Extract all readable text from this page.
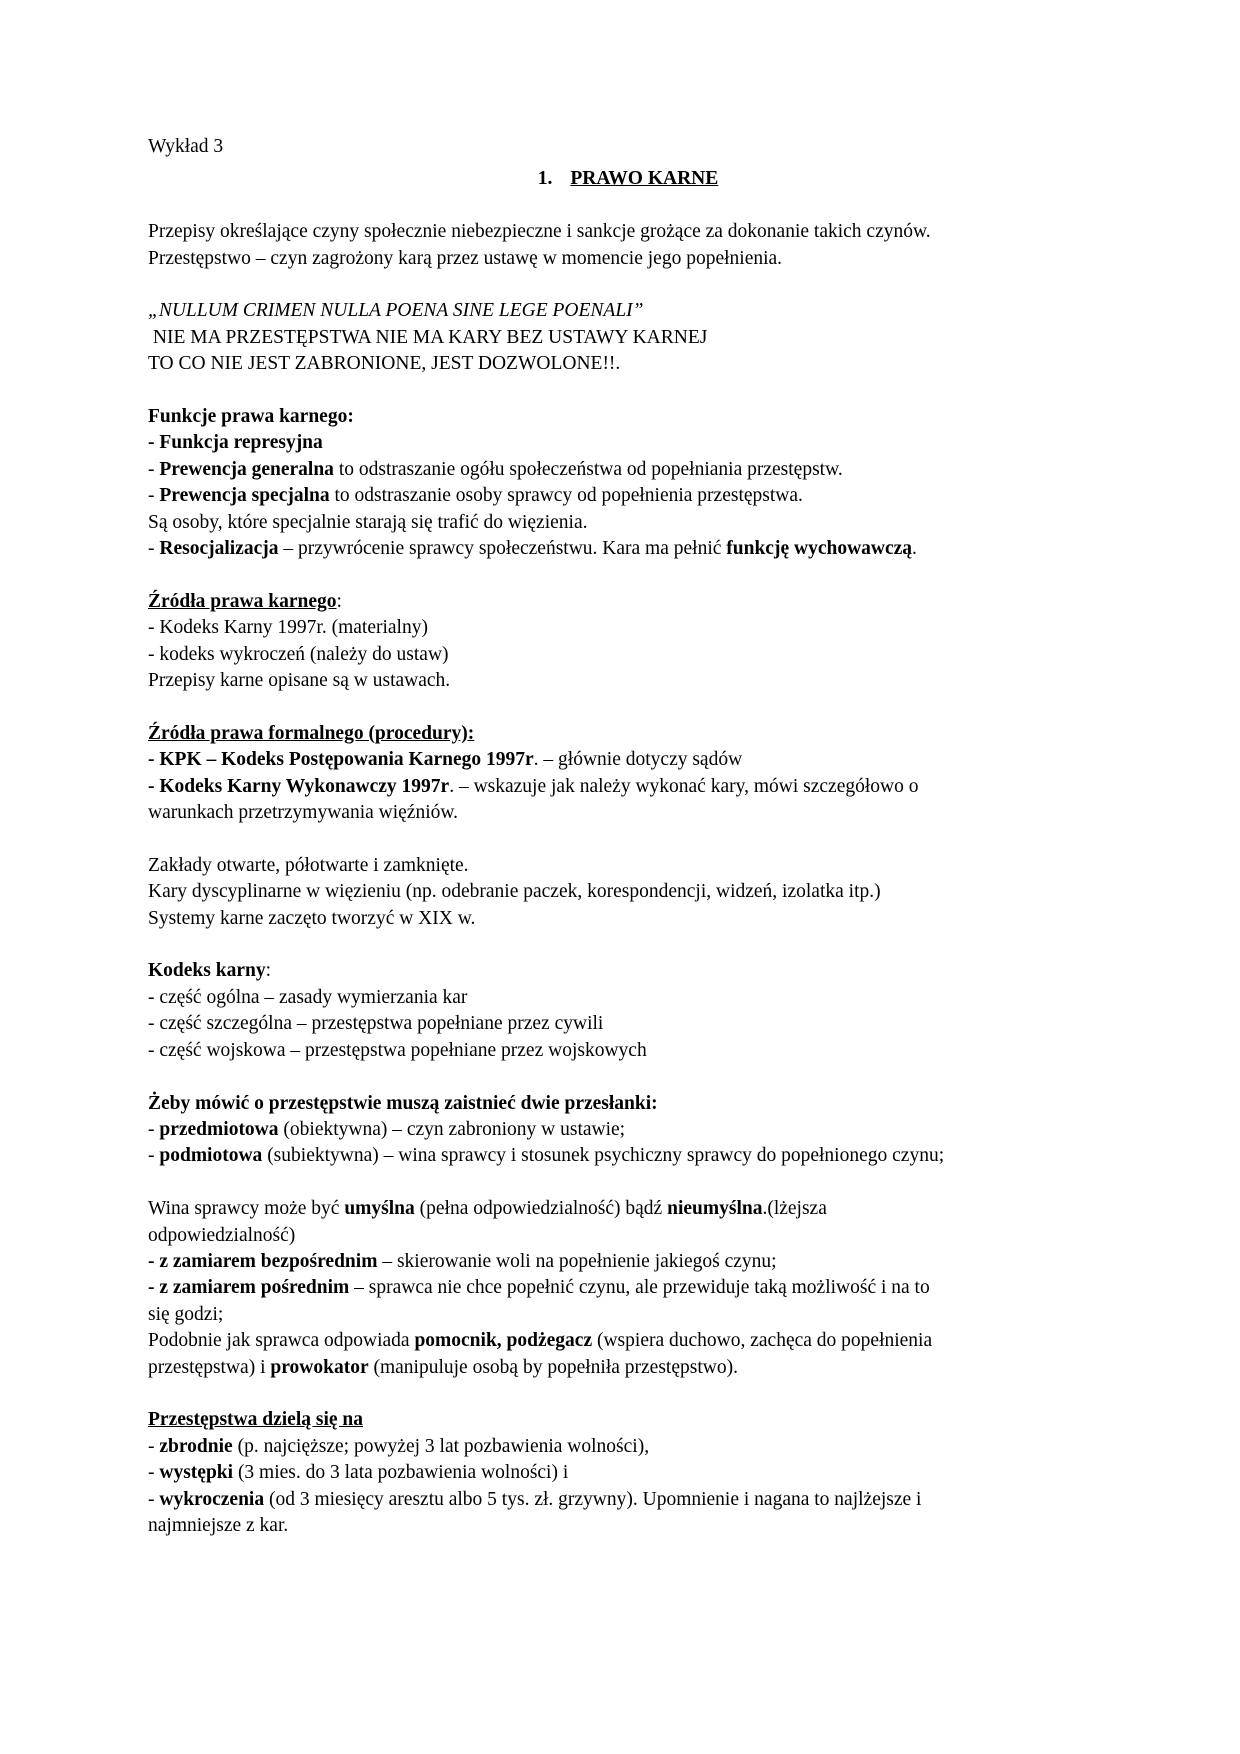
Wykład 3
1. PRAWO KARNE
Przepisy określające czyny społecznie niebezpieczne i sankcje grożące za dokonanie takich czynów.
Przestępstwo – czyn zagrożony karą przez ustawę w momencie jego popełnienia.
„NULLUM CRIMEN NULLA POENA SINE LEGE POENALI”
NIE MA PRZESTĘPSTWA NIE MA KARY BEZ USTAWY KARNEJ
TO CO NIE JEST ZABRONIONE, JEST DOZWOLONE!!.
Funkcje prawa karnego:
- Funkcja represyjna
- Prewencja generalna to odstraszanie ogółu społeczeństwa od popełniania przestępstw.
- Prewencja specjalna to odstraszanie osoby sprawcy od popełnienia przestępstwa.
Są osoby, które specjalnie starają się trafić do więzienia.
- Resocjalizacja – przywrócenie sprawcy społeczeństwu. Kara ma pełnić funkcję wychowawczą.
Źródła prawa karnego:
- Kodeks Karny 1997r. (materialny)
- kodeks wykroczeń (należy do ustaw)
Przepisy karne opisane są w ustawach.
Źródła prawa formalnego (procedury):
- KPK – Kodeks Postępowania Karnego 1997r. – głównie dotyczy sądów
- Kodeks Karny Wykonawczy 1997r. – wskazuje jak należy wykonać kary, mówi szczegółowo o
warunkach przetrzymywania więźniów.
Zakłady otwarte, półotwarte i zamknięte.
Kary dyscyplinarne w więzieniu (np. odebranie paczek, korespondencji, widzeń, izolatka itp.)
Systemy karne zaczęto tworzyć w XIX w.
Kodeks karny:
- część ogólna – zasady wymierzania kar
- część szczególna – przestępstwa popełniane przez cywili
- część wojskowa – przestępstwa popełniane przez wojskowych
Żeby mówić o przestępstwie muszą zaistnieć dwie przesłanki:
- przedmiotowa (obiektywna) – czyn zabroniony w ustawie;
- podmiotowa (subiektywna) – wina sprawcy i stosunek psychiczny sprawcy do popełnionego czynu;
Wina sprawcy może być umyślna (pełna odpowiedzialność) bądź nieumyślna.(lżejsza
odpowiedzialność)
- z zamiarem bezpośrednim – skierowanie woli na popełnienie jakiegoś czynu;
- z zamiarem pośrednim – sprawca nie chce popełnić czynu, ale przewiduje taką możliwość i na to
się godzi;
Podobnie jak sprawca odpowiada pomocnik, podżegacz (wspiera duchowo, zachęca do popełnienia
przestępstwa) i prowokator (manipuluje osobą by popełniła przestępstwo).
Przestępstwa dzielą się na
- zbrodnie (p. najcięższe; powyżej 3 lat pozbawienia wolności),
- występki (3 mies. do 3 lata pozbawienia wolności) i
- wykroczenia (od 3 miesięcy aresztu albo 5 tys. zł. grzywny). Upomnienie i nagana to najlżejsze i
najmniejsze z kar.
